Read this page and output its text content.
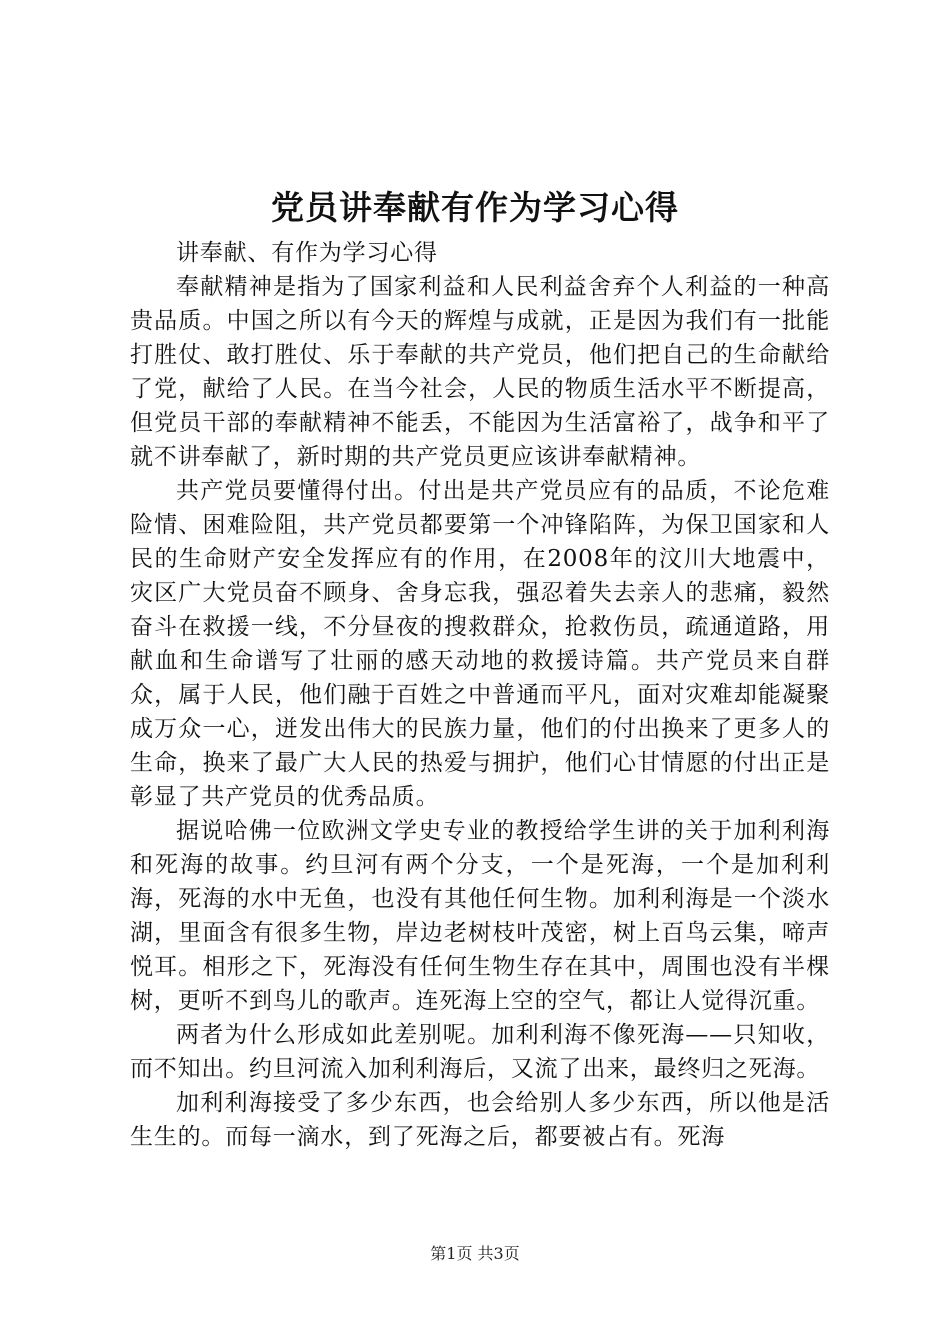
党员讲奉献有作为学习心得

讲奉献、有作为学习心得

奉献精神是指为了国家利益和人民利益舍弃个人利益的一种高贵品质。中国之所以有今天的辉煌与成就，正是因为我们有一批能打胜仗、敢打胜仗、乐于奉献的共产党员，他们把自己的生命献给了党，献给了人民。在当今社会，人民的物质生活水平不断提高，但党员干部的奉献精神不能丢，不能因为生活富裕了，战争和平了就不讲奉献了，新时期的共产党员更应该讲奉献精神。

共产党员要懂得付出。付出是共产党员应有的品质，不论危难险情、困难险阻，共产党员都要第一个冲锋陷阵，为保卫国家和人民的生命财产安全发挥应有的作用，在2008年的汶川大地震中，灾区广大党员奋不顾身、舍身忘我，强忍着失去亲人的悲痛，毅然奋斗在救援一线，不分昼夜的搜救群众，抢救伤员，疏通道路，用献血和生命谱写了壮丽的感天动地的救援诗篇。共产党员来自群众，属于人民，他们融于百姓之中普通而平凡，面对灾难却能凝聚成万众一心，迸发出伟大的民族力量，他们的付出换来了更多人的生命，换来了最广大人民的热爱与拥护，他们心甘情愿的付出正是彰显了共产党员的优秀品质。

据说哈佛一位欧洲文学史专业的教授给学生讲的关于加利利海和死海的故事。约旦河有两个分支，一个是死海，一个是加利利海，死海的水中无鱼，也没有其他任何生物。加利利海是一个淡水湖，里面含有很多生物，岸边老树枝叶茂密，树上百鸟云集，啼声悦耳。相形之下，死海没有任何生物生存在其中，周围也没有半棵树，更听不到鸟儿的歌声。连死海上空的空气，都让人觉得沉重。

两者为什么形成如此差别呢。加利利海不像死海——只知收，而不知出。约旦河流入加利利海后，又流了出来，最终归之死海。

加利利海接受了多少东西，也会给别人多少东西，所以他是活生生的。而每一滴水，到了死海之后，都要被占有。死海

第1页 共3页
